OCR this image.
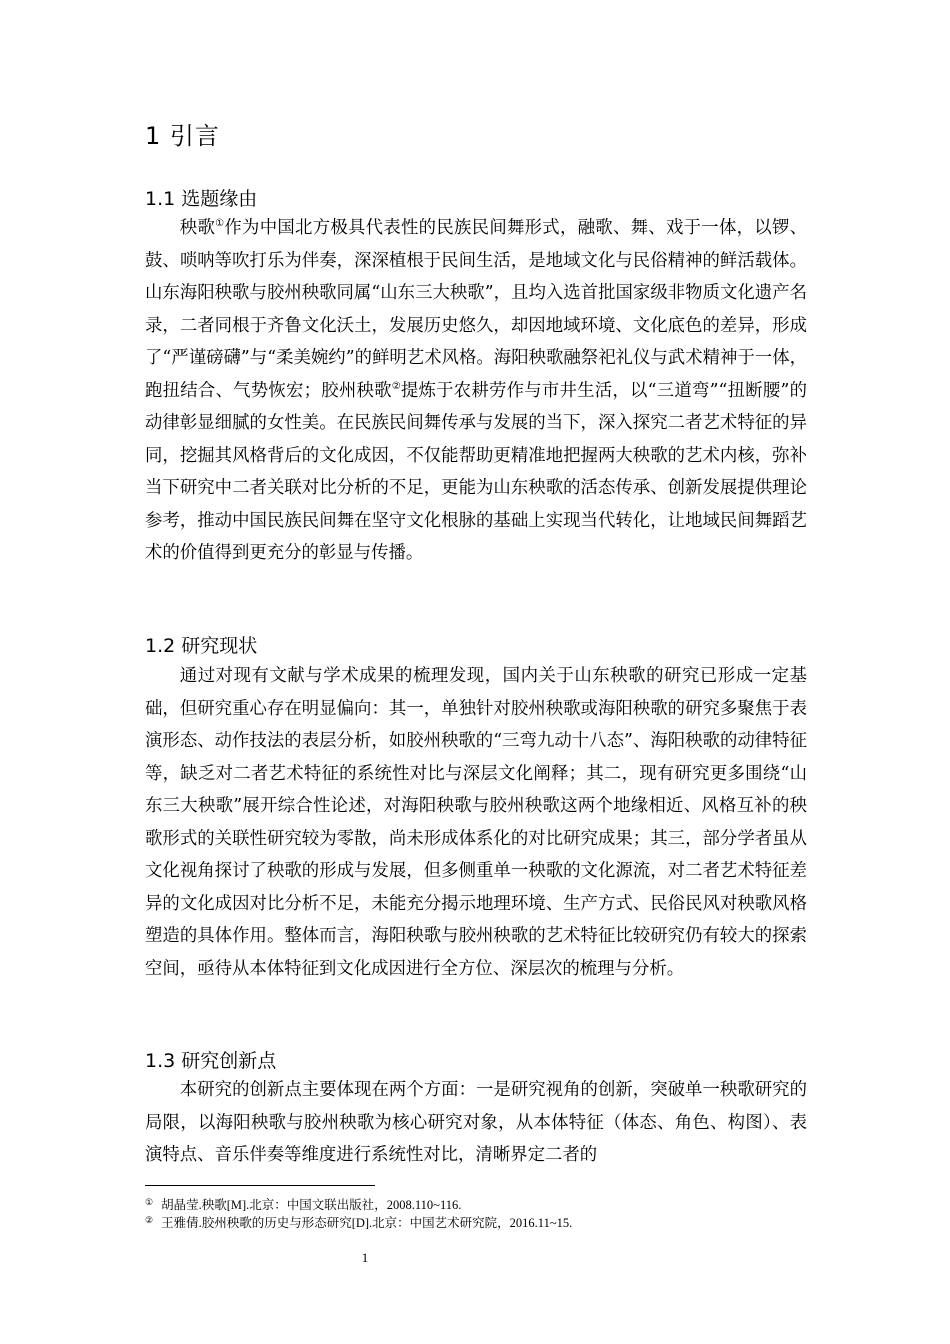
1 引言
1.1 选题缘由

秧歌①作为中国北方极具代表性的民族民间舞形式，融歌、舞、戏于一体，以锣、鼓、唢呐等吹打乐为伴奏，深深植根于民间生活，是地域文化与民俗精神的鲜活载体。山东海阳秧歌与胶州秧歌同属“山东三大秧歌”，且均入选首批国家级非物质文化遗产名录，二者同根于齐鲁文化沃土，发展历史悠久，却因地域环境、文化底色的差异，形成了“严谨磅礴”与“柔美婉约”的鲜明艺术风格。海阳秧歌融祭祀礼仪与武术精神于一体，跑扭结合、气势恢宏；胶州秧歌②提炼于农耕劳作与市井生活，以“三道弯”“扭断腰”的动律彰显细腻的女性美。在民族民间舞传承与发展的当下，深入探究二者艺术特征的异同，挖掘其风格背后的文化成因，不仅能帮助更精准地把握两大秧歌的艺术内核，弥补当下研究中二者关联对比分析的不足，更能为山东秧歌的活态传承、创新发展提供理论参考，推动中国民族民间舞在坚守文化根脉的基础上实现当代转化，让地域民间舞蹈艺术的价值得到更充分的彰显与传播。

1.2 研究现状

通过对现有文献与学术成果的梳理发现，国内关于山东秧歌的研究已形成一定基础，但研究重心存在明显偏向：其一，单独针对胶州秧歌或海阳秧歌的研究多聚焦于表演形态、动作技法的表层分析，如胶州秧歌的“三弯九动十八态”、海阳秧歌的动律特征等，缺乏对二者艺术特征的系统性对比与深层文化阐释；其二，现有研究更多围绕“山东三大秧歌”展开综合性论述，对海阳秧歌与胶州秧歌这两个地缘相近、风格互补的秧歌形式的关联性研究较为零散，尚未形成体系化的对比研究成果；其三，部分学者虽从文化视角探讨了秧歌的形成与发展，但多侧重单一秧歌的文化源流，对二者艺术特征差异的文化成因对比分析不足，未能充分揭示地理环境、生产方式、民俗民风对秧歌风格塑造的具体作用。整体而言，海阳秧歌与胶州秧歌的艺术特征比较研究仍有较大的探索空间，亟待从本体特征到文化成因进行全方位、深层次的梳理与分析。

1.3 研究创新点

本研究的创新点主要体现在两个方面：一是研究视角的创新，突破单一秧歌研究的局限，以海阳秧歌与胶州秧歌为核心研究对象，从本体特征（体态、角色、构图）、表演特点、音乐伴奏等维度进行系统性对比，清晰界定二者的

① 胡晶莹.秧歌[M].北京：中国文联出版社，2008.110~116.

② 王雅倩.胶州秧歌的历史与形态研究[D].北京：中国艺术研究院，2016.11~15.

1
